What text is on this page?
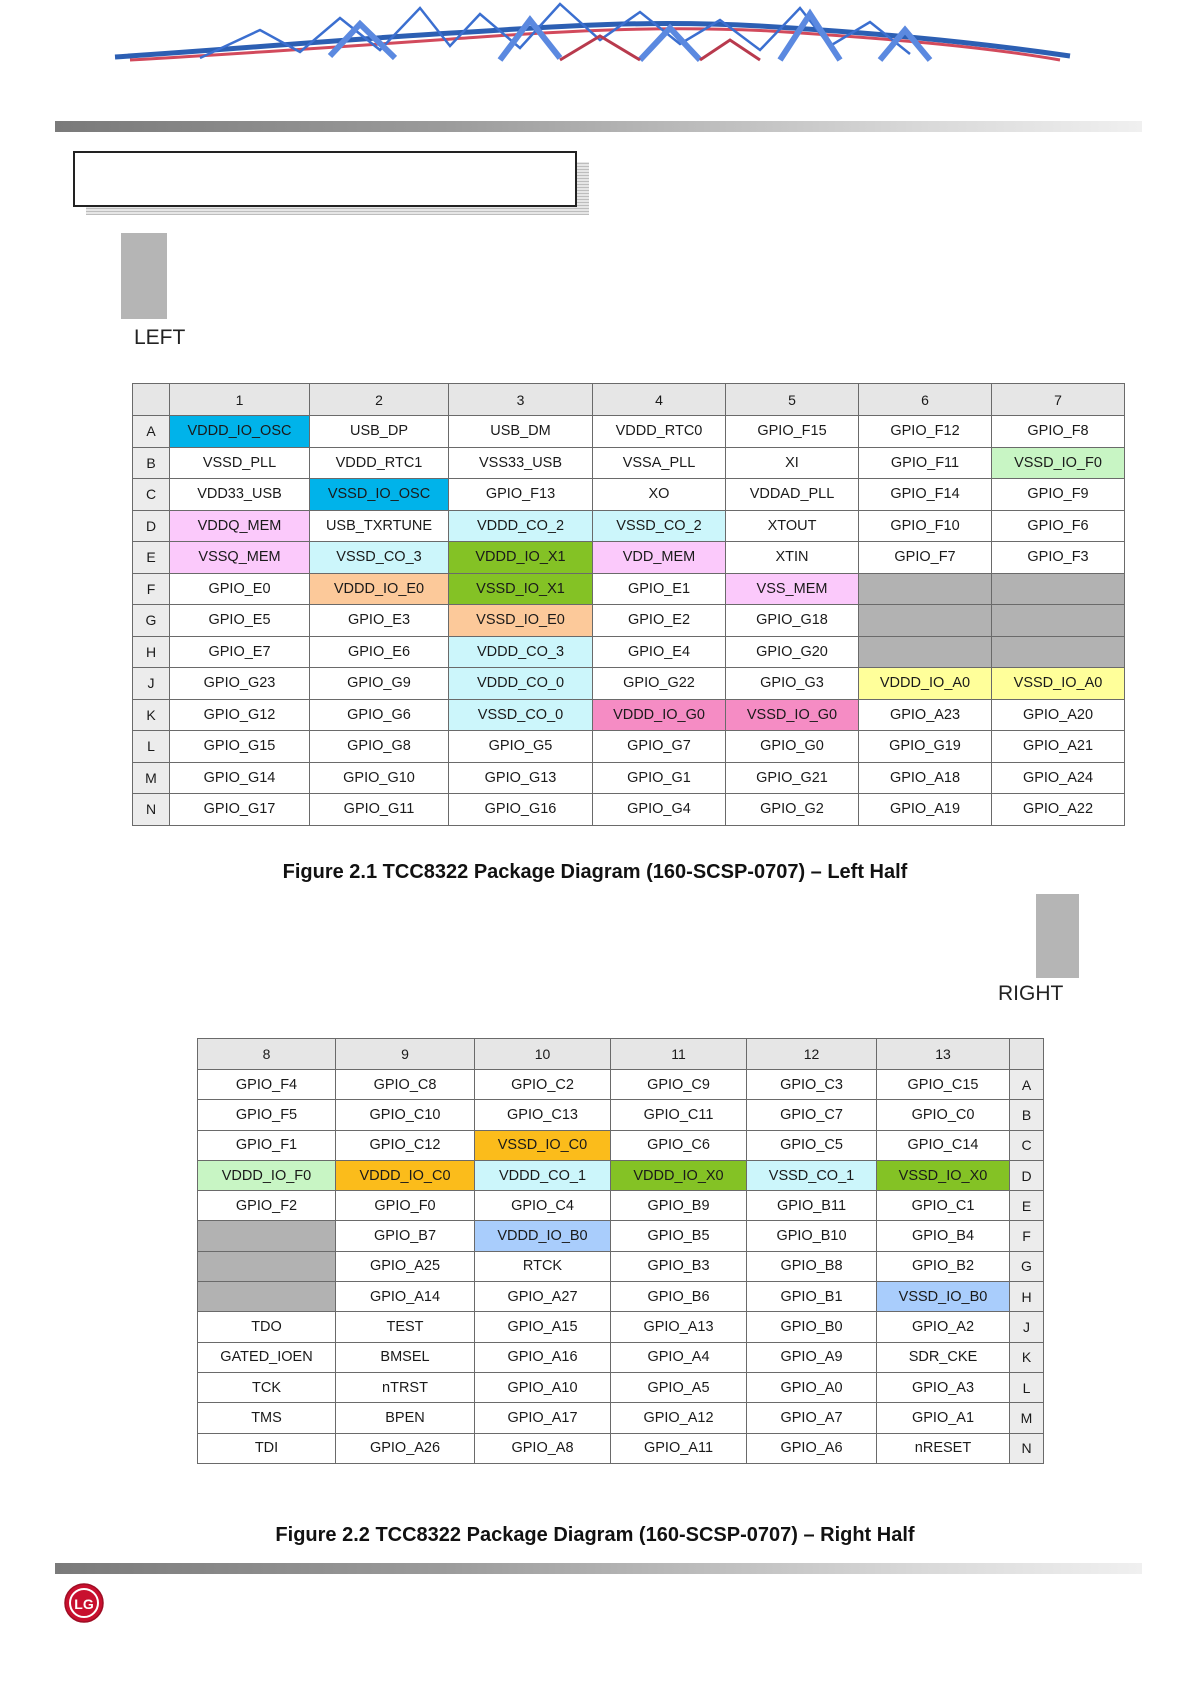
LEFT
	1	2	3	4	5	6	7
A	VDDD_IO_OSC	USB_DP	USB_DM	VDDD_RTC0	GPIO_F15	GPIO_F12	GPIO_F8
B	VSSD_PLL	VDDD_RTC1	VSS33_USB	VSSA_PLL	XI	GPIO_F11	VSSD_IO_F0
C	VDD33_USB	VSSD_IO_OSC	GPIO_F13	XO	VDDAD_PLL	GPIO_F14	GPIO_F9
D	VDDQ_MEM	USB_TXRTUNE	VDDD_CO_2	VSSD_CO_2	XTOUT	GPIO_F10	GPIO_F6
E	VSSQ_MEM	VSSD_CO_3	VDDD_IO_X1	VDD_MEM	XTIN	GPIO_F7	GPIO_F3
F	GPIO_E0	VDDD_IO_E0	VSSD_IO_X1	GPIO_E1	VSS_MEM		
G	GPIO_E5	GPIO_E3	VSSD_IO_E0	GPIO_E2	GPIO_G18		
H	GPIO_E7	GPIO_E6	VDDD_CO_3	GPIO_E4	GPIO_G20		
J	GPIO_G23	GPIO_G9	VDDD_CO_0	GPIO_G22	GPIO_G3	VDDD_IO_A0	VSSD_IO_A0
K	GPIO_G12	GPIO_G6	VSSD_CO_0	VDDD_IO_G0	VSSD_IO_G0	GPIO_A23	GPIO_A20
L	GPIO_G15	GPIO_G8	GPIO_G5	GPIO_G7	GPIO_G0	GPIO_G19	GPIO_A21
M	GPIO_G14	GPIO_G10	GPIO_G13	GPIO_G1	GPIO_G21	GPIO_A18	GPIO_A24
N	GPIO_G17	GPIO_G11	GPIO_G16	GPIO_G4	GPIO_G2	GPIO_A19	GPIO_A22
Figure 2.1 TCC8322 Package Diagram (160-SCSP-0707) – Left Half
RIGHT
8	9	10	11	12	13	
GPIO_F4	GPIO_C8	GPIO_C2	GPIO_C9	GPIO_C3	GPIO_C15	A
GPIO_F5	GPIO_C10	GPIO_C13	GPIO_C11	GPIO_C7	GPIO_C0	B
GPIO_F1	GPIO_C12	VSSD_IO_C0	GPIO_C6	GPIO_C5	GPIO_C14	C
VDDD_IO_F0	VDDD_IO_C0	VDDD_CO_1	VDDD_IO_X0	VSSD_CO_1	VSSD_IO_X0	D
GPIO_F2	GPIO_F0	GPIO_C4	GPIO_B9	GPIO_B11	GPIO_C1	E
	GPIO_B7	VDDD_IO_B0	GPIO_B5	GPIO_B10	GPIO_B4	F
	GPIO_A25	RTCK	GPIO_B3	GPIO_B8	GPIO_B2	G
	GPIO_A14	GPIO_A27	GPIO_B6	GPIO_B1	VSSD_IO_B0	H
TDO	TEST	GPIO_A15	GPIO_A13	GPIO_B0	GPIO_A2	J
GATED_IOEN	BMSEL	GPIO_A16	GPIO_A4	GPIO_A9	SDR_CKE	K
TCK	nTRST	GPIO_A10	GPIO_A5	GPIO_A0	GPIO_A3	L
TMS	BPEN	GPIO_A17	GPIO_A12	GPIO_A7	GPIO_A1	M
TDI	GPIO_A26	GPIO_A8	GPIO_A11	GPIO_A6	nRESET	N
Figure 2.2 TCC8322 Package Diagram (160-SCSP-0707) – Right Half
LG
